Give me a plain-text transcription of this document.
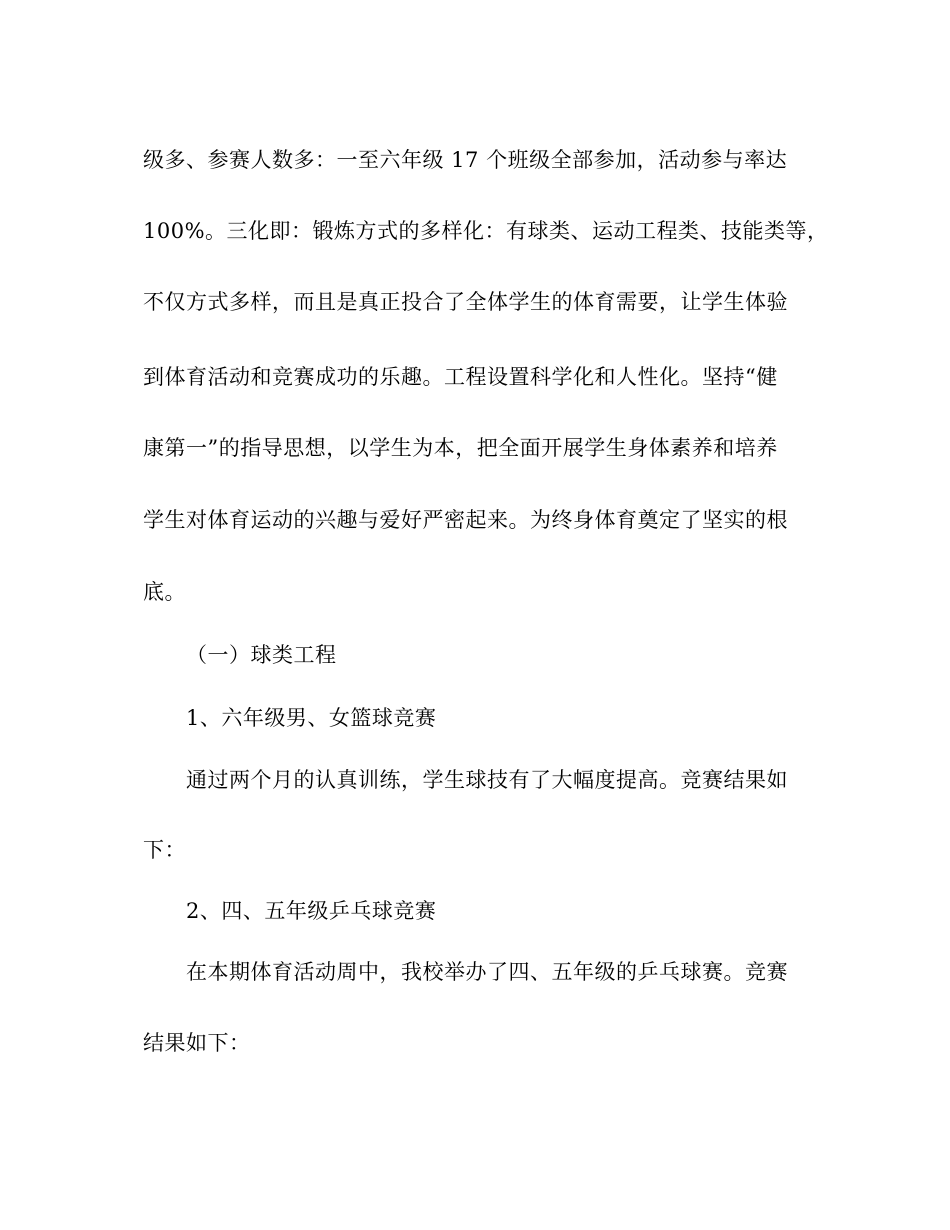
级多、参赛人数多：一至六年级 17 个班级全部参加，活动参与率达
100%。三化即：锻炼方式的多样化：有球类、运动工程类、技能类等，
不仅方式多样，而且是真正投合了全体学生的体育需要，让学生体验
到体育活动和竞赛成功的乐趣。工程设置科学化和人性化。坚持“健
康第一”的指导思想，以学生为本，把全面开展学生身体素养和培养
学生对体育运动的兴趣与爱好严密起来。为终身体育奠定了坚实的根
底。
（一）球类工程
1、六年级男、女篮球竞赛
通过两个月的认真训练，学生球技有了大幅度提高。竞赛结果如
下：
2、四、五年级乒乓球竞赛
在本期体育活动周中，我校举办了四、五年级的乒乓球赛。竞赛
结果如下：
